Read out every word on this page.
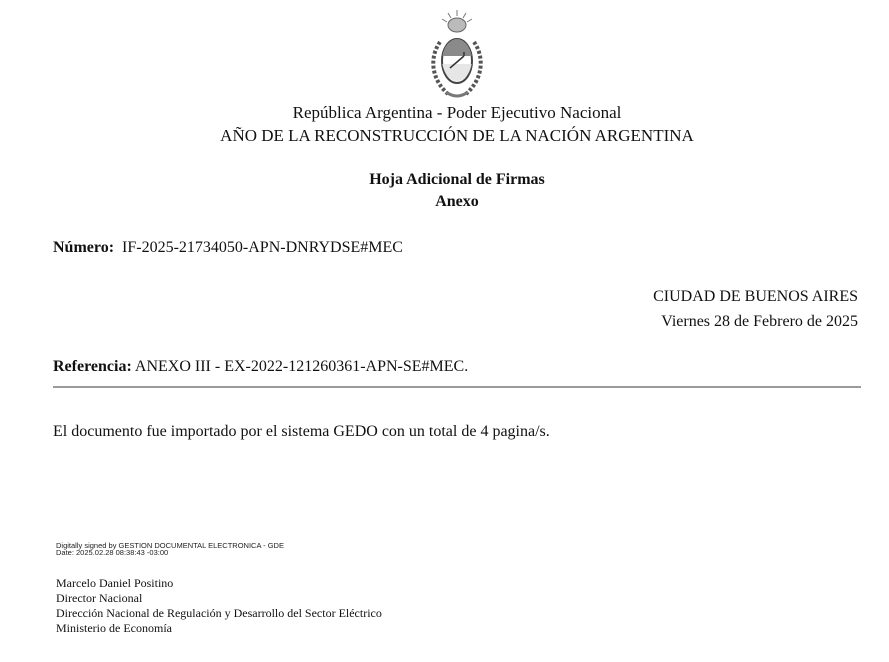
República Argentina - Poder Ejecutivo Nacional
AÑO DE LA RECONSTRUCCIÓN DE LA NACIÓN ARGENTINA
Hoja Adicional de Firmas
Anexo
Número: IF-2025-21734050-APN-DNRYDSE#MEC
CIUDAD DE BUENOS AIRES
Viernes 28 de Febrero de 2025
Referencia: ANEXO III - EX-2022-121260361-APN-SE#MEC.
El documento fue importado por el sistema GEDO con un total de 4 pagina/s.
Digitally signed by GESTION DOCUMENTAL ELECTRONICA - GDE
Date: 2025.02.28 08:38:43 -03:00
Marcelo Daniel Positino
Director Nacional
Dirección Nacional de Regulación y Desarrollo del Sector Eléctrico
Ministerio de Economía
